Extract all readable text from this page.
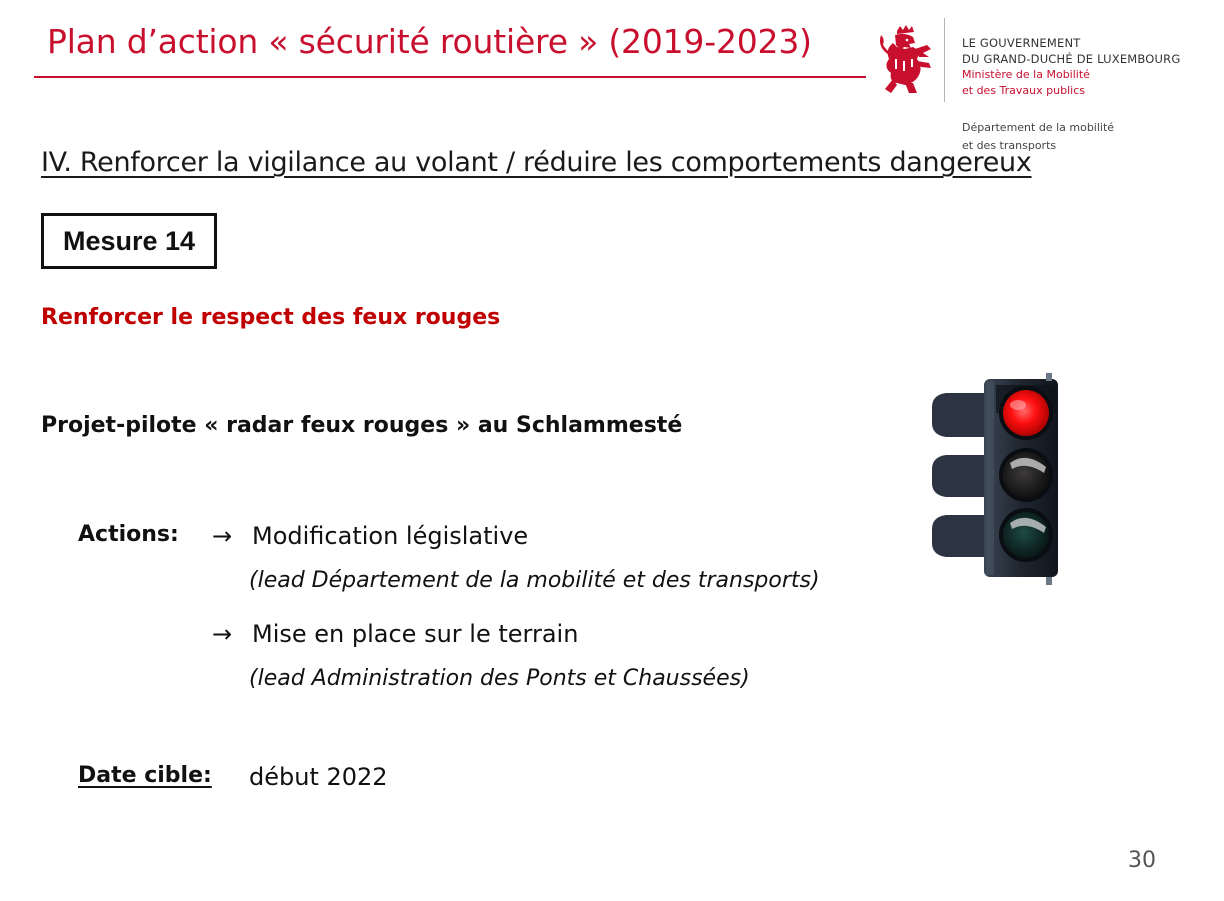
Plan d’action « sécurité routière » (2019-2023)	LE GOUVERNEMENT
DU GRAND-DUCHÉ DE LUXEMBOURG
Ministère de la Mobilité
et des Travaux publics
Département de la mobilité
et des transports
IV. Renforcer la vigilance au volant / réduire les comportements dangereux
Mesure 14
Renforcer le respect des feux rouges
Projet-pilote « radar feux rouges » au Schlammesté
Actions: → Modification législative
(lead Département de la mobilité et des transports)
→ Mise en place sur le terrain
(lead Administration des Ponts et Chaussées)
Date cible: début 2022
30
